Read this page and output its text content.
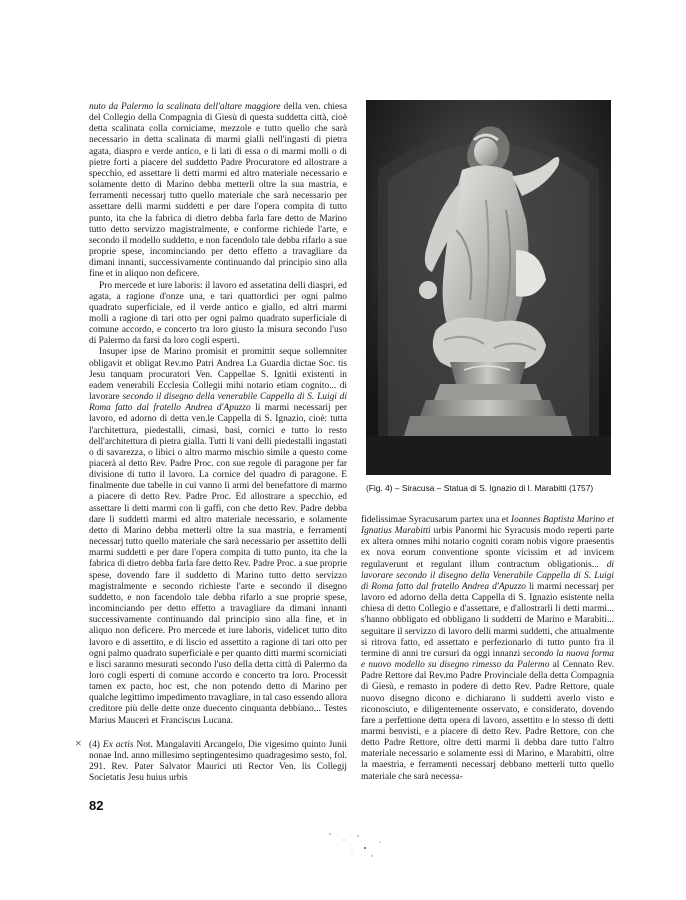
nuto da Palermo la scalinata dell'altare maggiore della ven. chiesa del Collegio della Compagnia di Giesù di questa suddetta città, cioè detta scalinata colla corniciame, mezzole e tutto quello che sarà necessario in detta scalinata di marmi gialli nell'ingasti di pietra agata, diaspro e verde antico, e li lati di essa o di marmi molli o di pietre forti a piacere del suddetto Padre Procuratore ed allostrare a specchio, ed assettare li detti marmi ed altro materiale necessario e solamente detto di Marino debba metterli oltre la sua mastria, e ferramenti necessarj tutto quello materiale che sarà necessario per assettare delli marmi suddetti e per dare l'opera compita di tutto punto, ita che la fabrica di dietro debba farla fare detto de Marino tutto detto servizzo magistralmente, e conforme richiede l'arte, e secondo il modello suddetto, e non facendolo tale debba rifarlo a sue proprie spese, incominciando per detto effetto a travagliare da dimani innanti, successivamente continuando dal principio sino alla fine et in aliquo non deficere.

Pro mercede et iure laboris: il lavoro ed assetatina delli diaspri, ed agata, a ragione d'onze una, e tari quattordici per ogni palmo quadrato superficiale, ed il verde antico e giallo, ed altri marmi molli a ragione di tari otto per ogni palmo quadrato superficiale di comune accordo, e concerto tra loro giusto la misura secondo l'uso di Palermo da farsi da loro cogli esperti.

Insuper ipse de Marino promisit et promittit seque sollemniter obligavit et obligat Rev.mo Patri Andrea La Guardia dictae Soc. tis Jesu tanquam procuratori Ven. Cappellae S. Ignitii existenti in eadem venerabili Ecclesia Collegii mihi notario etiam cognito... di lavorare secondo il disegno della venerabile Cappella di S. Luigi di Roma fatto dal fratello Andrea d'Apuzzo li marmi necessarij per lavoro, ed adorno di detta ven.le Cappella di S. Ignazio, cioè: tutta l'architettura, piedestalli, cimasi, basi, cornici e tutto lo resto dell'architettura di pietra gialla. Tutti li vani delli piedestalli ingastati o di savarezza, o libici o altro marmo mischio simile a questo come piacerà al detto Rev. Padre Proc. con sue regole di paragone per far divisione di tutto il lavoro. La cornice del quadro di paragone. E finalmente due tabelle in cui vanno li armi del benefattore di marmo a piacere di detto Rev. Padre Proc. Ed allostrare a specchio, ed assettare li detti marmi con li gaffi, con che detto Rev. Padre debba dare li suddetti marmi ed altro materiale necessario, e solamente detto di Marino debba metterli oltre la sua mastria, e ferramenti necessarj tutto quello materiale che sarà necessario per assettito delli marmi suddetti e per dare l'opera compita di tutto punto, ita che la fabrica di dietro debba farla fare detto Rev. Padre Proc. a sue proprie spese, dovendo fare il suddetto di Marino tutto detto servizzo magistralmente e secondo richieste l'arte e secondo il disegno suddetto, e non facendolo tale debba rifarlo a sue proprie spese, incominciando per detto effetto a travagliare da dimani innanti successivamente continuando dal principio sino alla fine, et in aliquo non deficere. Pro mercede et iure laboris, videlicet tutto dito lavoro e di assettito, e di liscio ed assettito a ragione di tari otto per ogni palmo quadrato superficiale e per quanto ditti marmi scorniciati e lisci saranno mesurati secondo l'uso della detta città di Palermo da loro cogli esperti di comune accordo e concerto tra loro. Processit tamen ex pacto, hoc est, che non potendo detto di Marino per qualche legittimo impedimento travagliare, in tal caso essendo allora creditore più delle dette onze duecento cinquanta debbiano... Testes Marius Mauceri et Franciscus Lucana.

× (4) Ex actis Not. Mangalaviti Arcangelo, Die vigesimo quinto Junii nonae Ind. anno millesimo septingentesimo quadragesimo sesto, fol. 291. Rev. Pater Salvator Maurici uti Rector Ven. lis Collegij Societatis Jesu huius urbis
(Fig. 4) – Siracusa – Statua di S. Ignazio di I. Marabitti (1757)

fidelissimae Syracusarum partex una et Ioannes Baptista Marino et Ignatius Marabitti urbis Panormi hic Syracusis modo reperti parte ex altera omnes mihi notario cogniti coram nobis vigore praesentis ex nova eorum conventione sponte vicissim et ad invicem regulaverunt et regulant illum contractum obligationis... di lavorare secondo il disegno della Venerabile Cappella di S. Luigi di Roma fatto dal fratello Andrea d'Apuzzo li marmi necessarj per lavoro ed adorno della detta Cappella di S. Ignazio esistente nella chiesa di detto Collegio e d'assettare, e d'allostrarli li detti marmi... s'hanno obbligato ed obbligano li suddetti de Marino e Marabiti... seguitare il servizzo di lavoro delli marmi suddetti, che attualmente si ritrova fatto, ed assettato e perfezionarlo di tutto punto fra il termine di anni tre cursuri da oggi innanzi secondo la nuova forma e nuovo modello su disegno rimesso da Palermo al Cennato Rev. Padre Rettore dal Rev.mo Padre Provinciale della detta Compagnia di Giesù, e remasto in podere di detto Rev. Padre Rettore, quale nuovo disegno dicono e dichiarano li suddetti averlo visto e riconosciuto, e diligentemente osservato, e considerato, dovendo fare a perfettione detta opera di lavoro, assettito e lo stesso di detti marmi benvisti, e a piacere di detto Rev. Padre Rettore, con che detto Padre Rettore, oltre detti marmi li debba dare tutto l'altro materiale necessario e solamente essi di Marino, e Marabitti, oltre la maestria, e ferramenti necessarj debbano metterli tutto quello materiale che sarà necessa-

82
